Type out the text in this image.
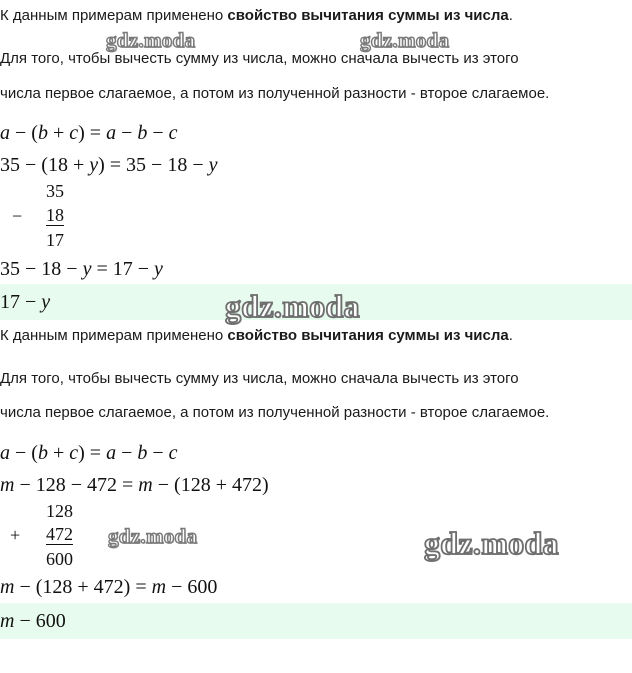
К данным примерам применено свойство вычитания суммы из числа.
Для того, чтобы вычесть сумму из числа, можно сначала вычесть из этого
числа первое слагаемое, а потом из полученной разности - второе слагаемое.
a − (b + c) = a − b − c
35 − (18 + y) = 35 − 18 − y
35
− 18
17
35 − 18 − y = 17 − y
17 − y
К данным примерам применено свойство вычитания суммы из числа.
Для того, чтобы вычесть сумму из числа, можно сначала вычесть из этого
числа первое слагаемое, а потом из полученной разности - второе слагаемое.
a − (b + c) = a − b − c
m − 128 − 472 = m − (128 + 472)
128
+ 472
600
m − (128 + 472) = m − 600
m − 600
gdz.moda	gdz.moda
gdz.moda
gdz.moda	gdz.moda
